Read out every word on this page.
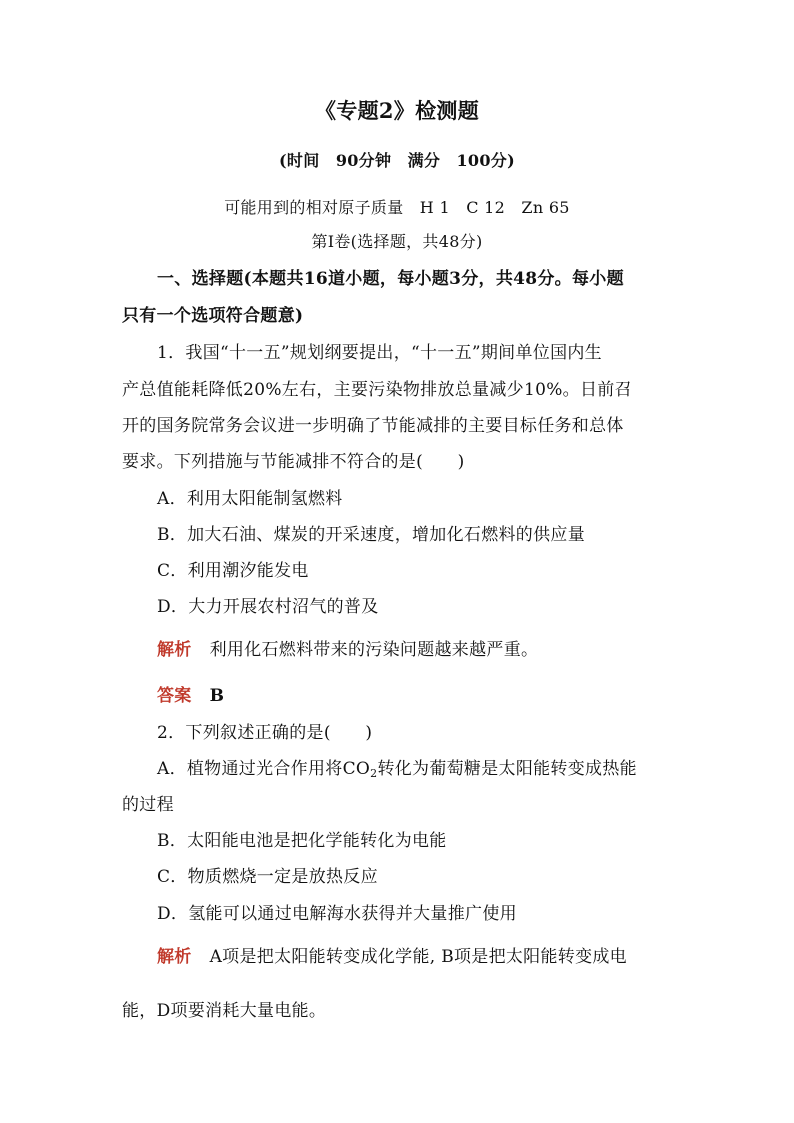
《专题2》检测题
(时间　90分钟　满分　100分)
可能用到的相对原子质量　H 1　C 12　Zn 65
第Ⅰ卷(选择题，共48分)
一、选择题(本题共16道小题，每小题3分，共48分。每小题
只有一个选项符合题意)
1．我国“十一五”规划纲要提出，“十一五”期间单位国内生
产总值能耗降低20%左右，主要污染物排放总量减少10%。日前召
开的国务院常务会议进一步明确了节能减排的主要目标任务和总体
要求。下列措施与节能减排不符合的是(　　)
A．利用太阳能制氢燃料
B．加大石油、煤炭的开采速度，增加化石燃料的供应量
C．利用潮汐能发电
D．大力开展农村沼气的普及
解析 利用化石燃料带来的污染问题越来越严重。
答案 B
2．下列叙述正确的是(　　)
A．植物通过光合作用将$CO_2$转化为葡萄糖是太阳能转变成热能
的过程
B．太阳能电池是把化学能转化为电能
C．物质燃烧一定是放热反应
D．氢能可以通过电解海水获得并大量推广使用
解析 A项是把太阳能转变成化学能, B项是把太阳能转变成电
能，D项要消耗大量电能。
